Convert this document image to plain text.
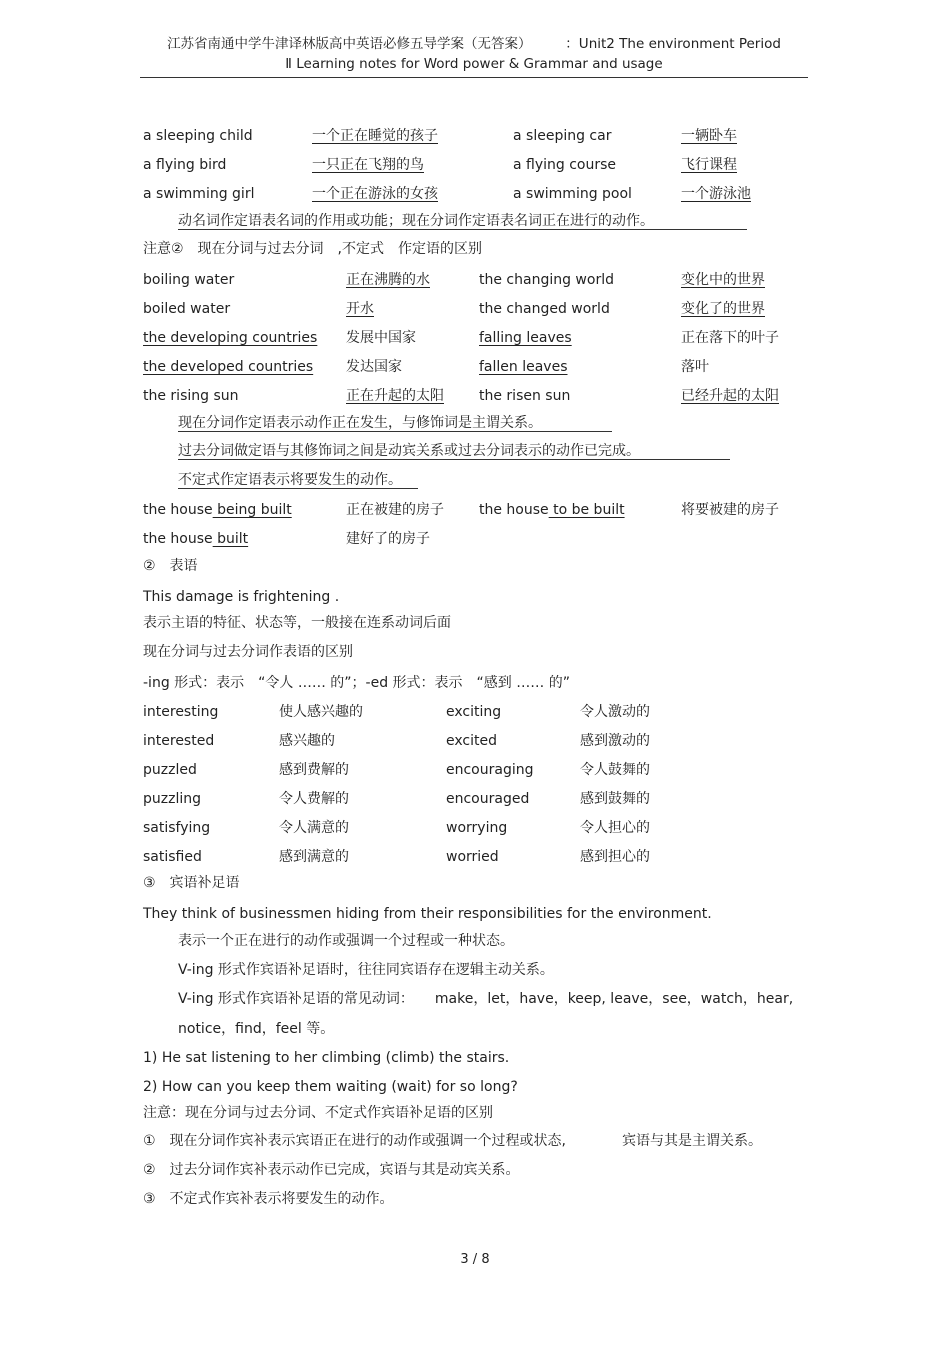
江苏省南通中学牛津译林版高中英语必修五导学案（无答案）　　　：Unit2 The environment Period
Ⅱ Learning notes for Word power & Grammar and usage
a sleeping child	一个正在睡觉的孩子	a sleeping car	一辆卧车
a flying bird	一只正在飞翔的鸟	a flying course	飞行课程
a swimming girl	一个正在游泳的女孩	a swimming pool	一个游泳池
动名词作定语表名词的作用或功能；现在分词作定语表名词正在进行的动作。
注意②　现在分词与过去分词　,不定式　作定语的区别
boiling water	正在沸腾的水	the changing world	变化中的世界
boiled water	开水	the changed world	变化了的世界
the developing countries 发展中国家	falling leaves	正在落下的叶子
the developed countries 发达国家	fallen leaves	落叶
the rising sun	正在升起的太阳	the risen sun	已经升起的太阳
现在分词作定语表示动作正在发生，与修饰词是主谓关系。
过去分词做定语与其修饰词之间是动宾关系或过去分词表示的动作已完成。
不定式作定语表示将要发生的动作。
the house being built	正在被建的房子	the house to be built	将要被建的房子
the house built	建好了的房子
②　表语
This damage is frightening .
表示主语的特征、状态等，一般接在连系动词后面
现在分词与过去分词作表语的区别
-ing 形式：表示　“令人 …… 的”；-ed 形式：表示　“感到 …… 的”
interesting	使人感兴趣的	exciting	令人激动的
interested	感兴趣的	excited	感到激动的
puzzled	感到费解的	encouraging	令人鼓舞的
puzzling	令人费解的	encouraged	感到鼓舞的
satisfying	令人满意的	worrying	令人担心的
satisfied	感到满意的	worried	感到担心的
③　宾语补足语
They think of businessmen hiding from their responsibilities for the environment.
表示一个正在进行的动作或强调一个过程或一种状态。
V-ing 形式作宾语补足语时，往往同宾语存在逻辑主动关系。
V-ing 形式作宾语补足语的常见动词：　　make，let，have，keep, leave，see，watch，hear,
notice，find，feel 等。
1) He sat listening to her climbing (climb) the stairs.
2) How can you keep them waiting (wait) for so long?
注意：现在分词与过去分词、不定式作宾语补足语的区别
①　现在分词作宾补表示宾语正在进行的动作或强调一个过程或状态,　　　　宾语与其是主谓关系。
②　过去分词作宾补表示动作已完成，宾语与其是动宾关系。
③　不定式作宾补表示将要发生的动作。
3 / 8
